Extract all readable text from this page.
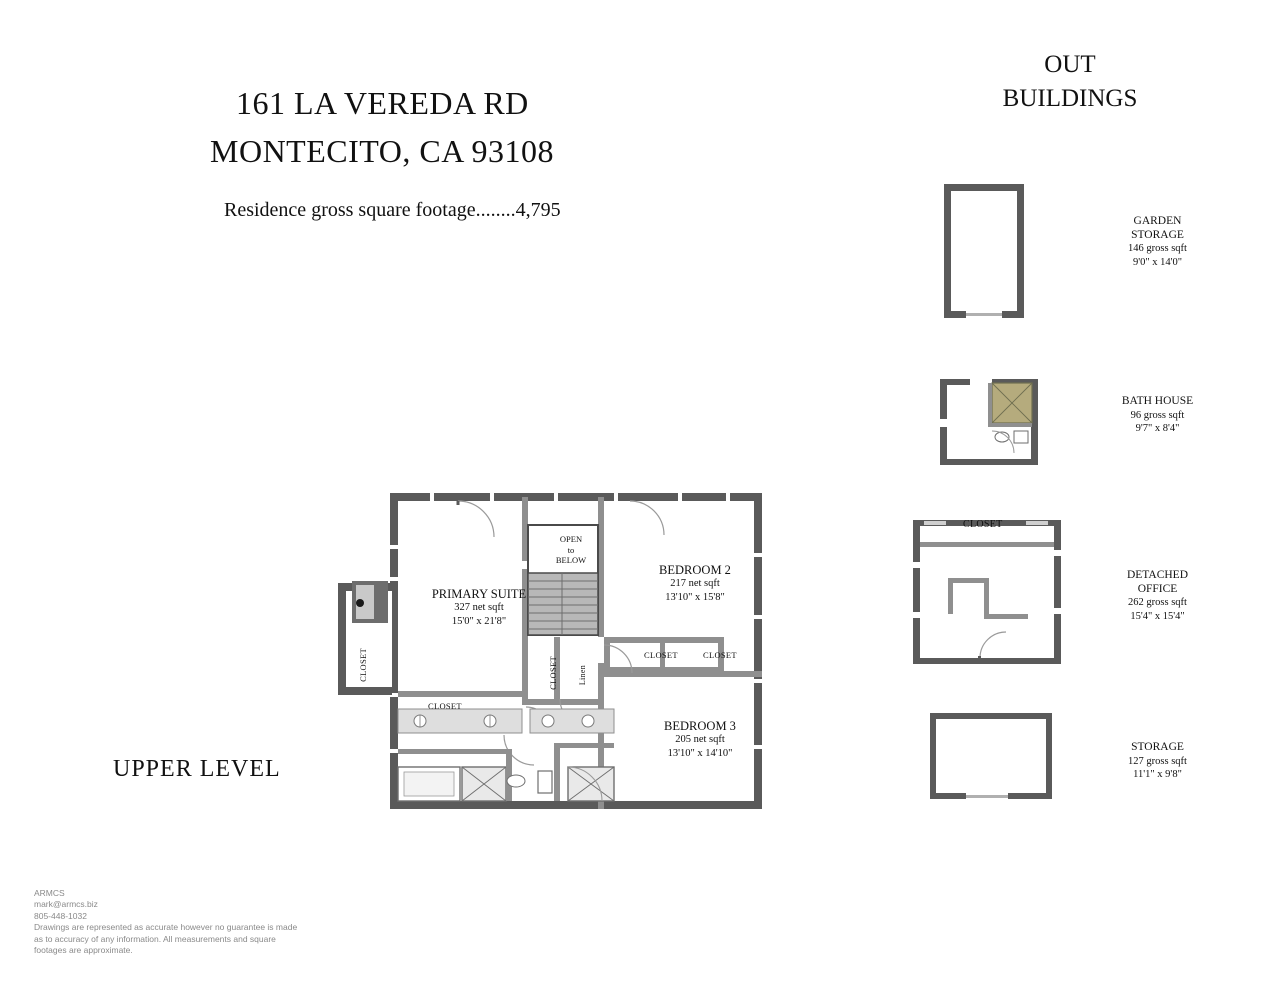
161 LA VEREDA RD
MONTECITO, CA 93108
Residence gross square footage........4,795
OUT
BUILDINGS
UPPER LEVEL
PRIMARY SUITE
327 net sqft
15'0" x 21'8"
BEDROOM 2
217 net sqft
13'10" x 15'8"
BEDROOM 3
205 net sqft
13'10" x 14'10"
OPEN
to
BELOW
CLOSET
CLOSET
CLOSET	Linen
CLOSET	CLOSET
GARDEN
STORAGE
146 gross sqft
9'0" x 14'0"
BATH HOUSE
96 gross sqft
9'7" x 8'4"
CLOSET
DETACHED
OFFICE
262 gross sqft
15'4" x 15'4"
STORAGE
127 gross sqft
11'1" x 9'8"
ARMCS
mark@armcs.biz
805-448-1032
Drawings are represented as accurate however no guarantee is made
as to accuracy of any information. All measurements and square
footages are approximate.
